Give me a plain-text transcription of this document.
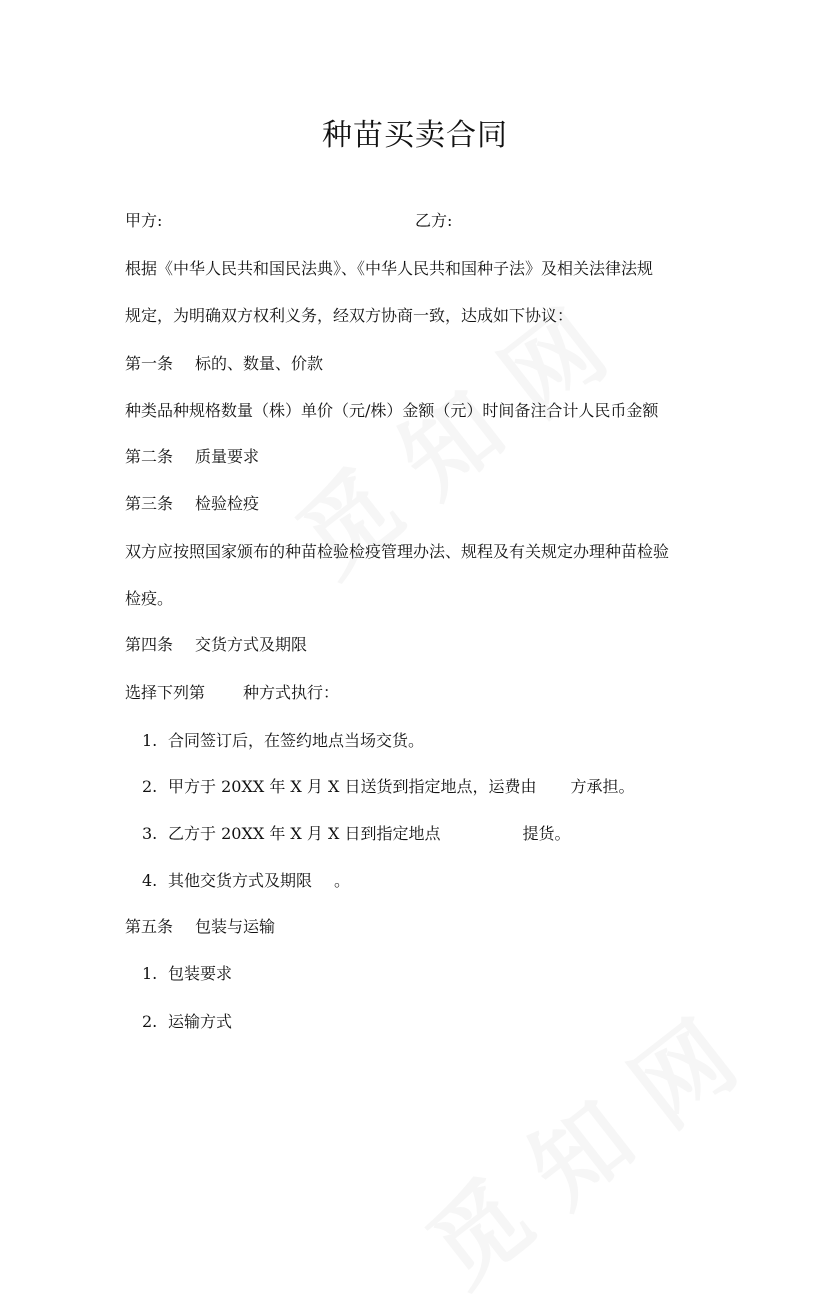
种苗买卖合同
甲方:	乙方:
根据《中华人民共和国民法典》、《中华人民共和国种子法》及相关法律法规
规定，为明确双方权利义务，经双方协商一致，达成如下协议：
第一条 标的、数量、价款
种类品种规格数量（株）单价（元/株）金额（元）时间备注合计人民币金额
第二条 质量要求
第三条 检验检疫
双方应按照国家颁布的种苗检验检疫管理办法、规程及有关规定办理种苗检验
检疫。
第四条 交货方式及期限
选择下列第 种方式执行：
1. 合同签订后，在签约地点当场交货。
2. 甲方于 20XX 年 X 月 X 日送货到指定地点，运费由 方承担。
3. 乙方于 20XX 年 X 月 X 日到指定地点	提货。
4. 其他交货方式及期限 。
第五条 包装与运输
1. 包装要求
2. 运输方式
